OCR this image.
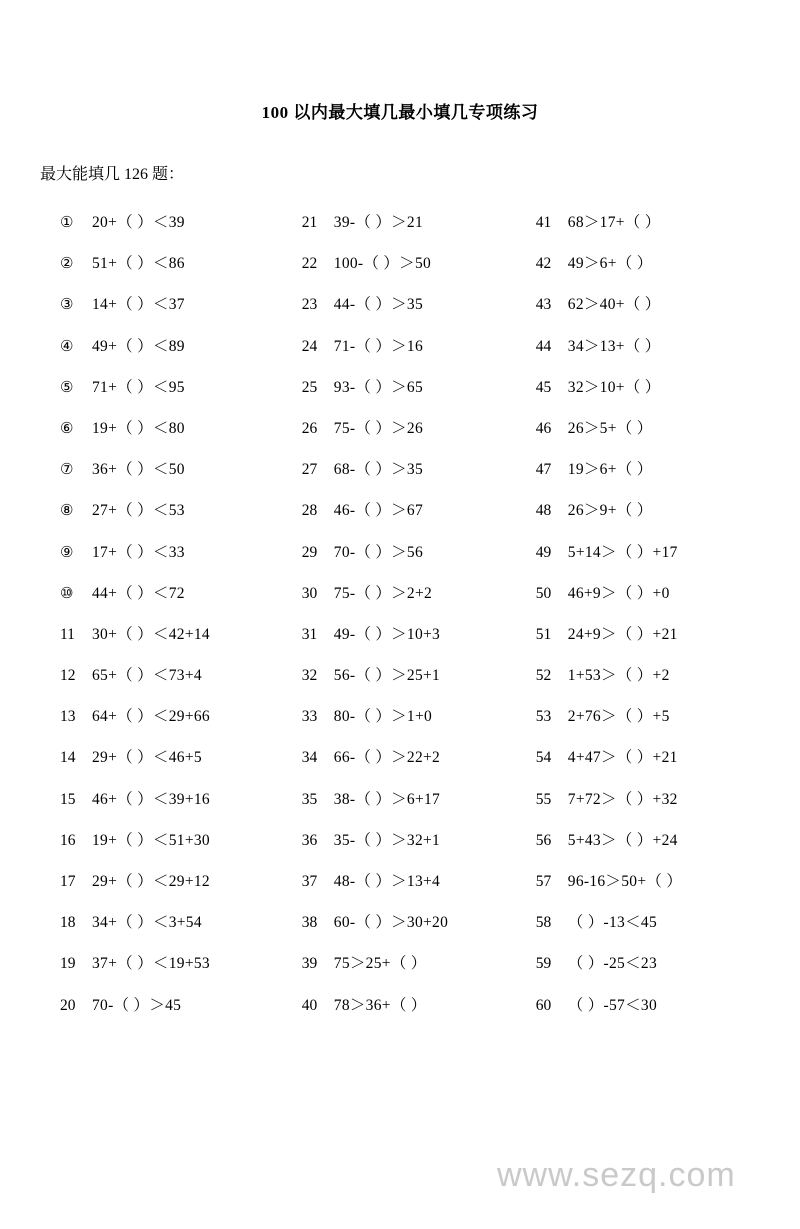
100 以内最大填几最小填几专项练习
最大能填几 126 题：
①	20+（ ）＜39
②	51+（ ）＜86
③	14+（ ）＜37
④	49+（ ）＜89
⑤	71+（ ）＜95
⑥	19+（ ）＜80
⑦	36+（ ）＜50
⑧	27+（ ）＜53
⑨	17+（ ）＜33
⑩	44+（ ）＜72
11	30+（ ）＜42+14
12	65+（ ）＜73+4
13	64+（ ）＜29+66
14	29+（ ）＜46+5
15	46+（ ）＜39+16
16	19+（ ）＜51+30
17	29+（ ）＜29+12
18	34+（ ）＜3+54
19	37+（ ）＜19+53
20	70-（ ）＞45
21	39-（ ）＞21
22	100-（ ）＞50
23	44-（ ）＞35
24	71-（ ）＞16
25	93-（ ）＞65
26	75-（ ）＞26
27	68-（ ）＞35
28	46-（ ）＞67
29	70-（ ）＞56
30	75-（ ）＞2+2
31	49-（ ）＞10+3
32	56-（ ）＞25+1
33	80-（ ）＞1+0
34	66-（ ）＞22+2
35	38-（ ）＞6+17
36	35-（ ）＞32+1
37	48-（ ）＞13+4
38	60-（ ）＞30+20
39	75＞25+（ ）
40	78＞36+（ ）
41	68＞17+（ ）
42	49＞6+（ ）
43	62＞40+（ ）
44	34＞13+（ ）
45	32＞10+（ ）
46	26＞5+（ ）
47	19＞6+（ ）
48	26＞9+（ ）
49	5+14＞（ ）+17
50	46+9＞（ ）+0
51	24+9＞（ ）+21
52	1+53＞（ ）+2
53	2+76＞（ ）+5
54	4+47＞（ ）+21
55	7+72＞（ ）+32
56	5+43＞（ ）+24
57	96-16＞50+（ ）
58	（ ）-13＜45
59	（ ）-25＜23
60	（ ）-57＜30
www.sezq.com
